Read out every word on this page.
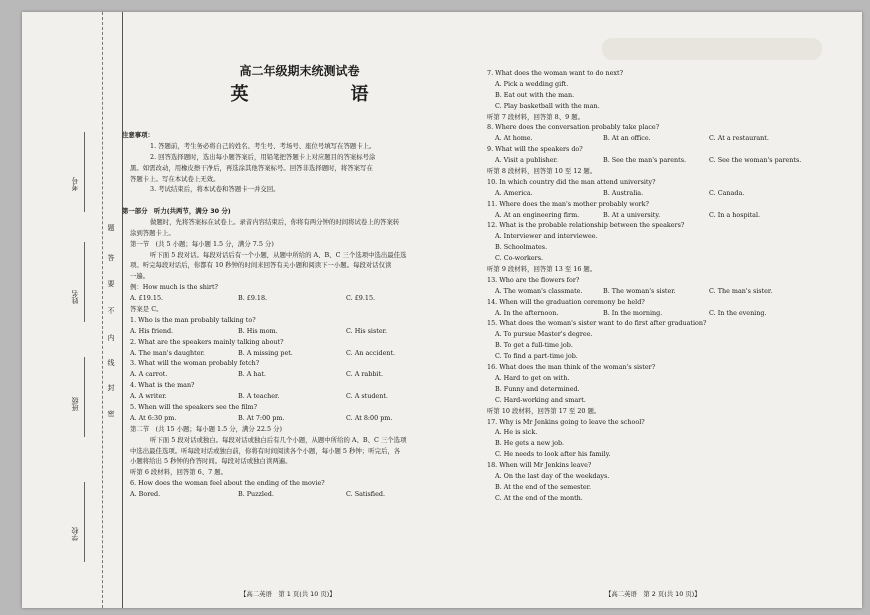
考号
姓名
班级
学校
题
答
要
不
内
线
封
密
高二年级期末统测试卷
英　　语
注意事项：
1. 答题前，考生务必将自己的姓名、考生号、考场号、座位号填写在答题卡上。
2. 回答选择题时，选出每小题答案后，用铅笔把答题卡上对应题目的答案标号涂
黑。如需改动，用橡皮擦干净后，再选涂其他答案标号。回答非选择题时，将答案写在
答题卡上。写在本试卷上无效。
3. 考试结束后，将本试卷和答题卡一并交回。
第一部分　听力(共两节，满分 30 分)
做题时，先将答案标在试卷上。录音内容结束后，你将有两分钟的时间将试卷上的答案转
涂到答题卡上。
第一节　(共 5 小题；每小题 1.5 分，满分 7.5 分)
听下面 5 段对话。每段对话后有一个小题，从题中所给的 A、B、C 三个选项中选出最佳选
项。听完每段对话后，你都有 10 秒钟的时间来回答有关小题和阅读下一小题。每段对话仅读
一遍。
例：How much is the shirt?
A. £19.15.	B. £9.18.	C. £9.15.
答案是 C。
1. Who is the man probably talking to?
A. His friend.	B. His mom.	C. His sister.
2. What are the speakers mainly talking about?
A. The man's daughter.	B. A missing pet.	C. An accident.
3. What will the woman probably fetch?
A. A carrot.	B. A hat.	C. A rabbit.
4. What is the man?
A. A writer.	B. A teacher.	C. A student.
5. When will the speakers see the film?
A. At 6:30 pm.	B. At 7:00 pm.	C. At 8:00 pm.
第二节　(共 15 小题；每小题 1.5 分，满分 22.5 分)
听下面 5 段对话或独白。每段对话或独白后有几个小题，从题中所给的 A、B、C 三个选项
中选出最佳选项。听每段对话或独白前，你将有时间阅读各个小题，每小题 5 秒钟；听完后，各
小题将给出 5 秒钟的作答时间。每段对话或独白读两遍。
听第 6 段材料，回答第 6、7 题。
6. How does the woman feel about the ending of the movie?
A. Bored.	B. Puzzled.	C. Satisfied.
【高二英语　第 1 页(共 10 页)】
7. What does the woman want to do next?
A. Pick a wedding gift.
B. Eat out with the man.
C. Play basketball with the man.
听第 7 段材料，回答第 8、9 题。
8. Where does the conversation probably take place?
A. At home.	B. At an office.	C. At a restaurant.
9. What will the speakers do?
A. Visit a publisher.	B. See the man's parents.	C. See the woman's parents.
听第 8 段材料，回答第 10 至 12 题。
10. In which country did the man attend university?
A. America.	B. Australia.	C. Canada.
11. Where does the man's mother probably work?
A. At an engineering firm.	B. At a university.	C. In a hospital.
12. What is the probable relationship between the speakers?
A. Interviewer and interviewee.
B. Schoolmates.
C. Co-workers.
听第 9 段材料，回答第 13 至 16 题。
13. Who are the flowers for?
A. The woman's classmate.	B. The woman's sister.	C. The man's sister.
14. When will the graduation ceremony be held?
A. In the afternoon.	B. In the morning.	C. In the evening.
15. What does the woman's sister want to do first after graduation?
A. To pursue Master's degree.
B. To get a full-time job.
C. To find a part-time job.
16. What does the man think of the woman's sister?
A. Hard to get on with.
B. Funny and determined.
C. Hard-working and smart.
听第 10 段材料，回答第 17 至 20 题。
17. Why is Mr Jenkins going to leave the school?
A. He is sick.
B. He gets a new job.
C. He needs to look after his family.
18. When will Mr Jenkins leave?
A. On the last day of the weekdays.
B. At the end of the semester.
C. At the end of the month.
【高二英语　第 2 页(共 10 页)】
